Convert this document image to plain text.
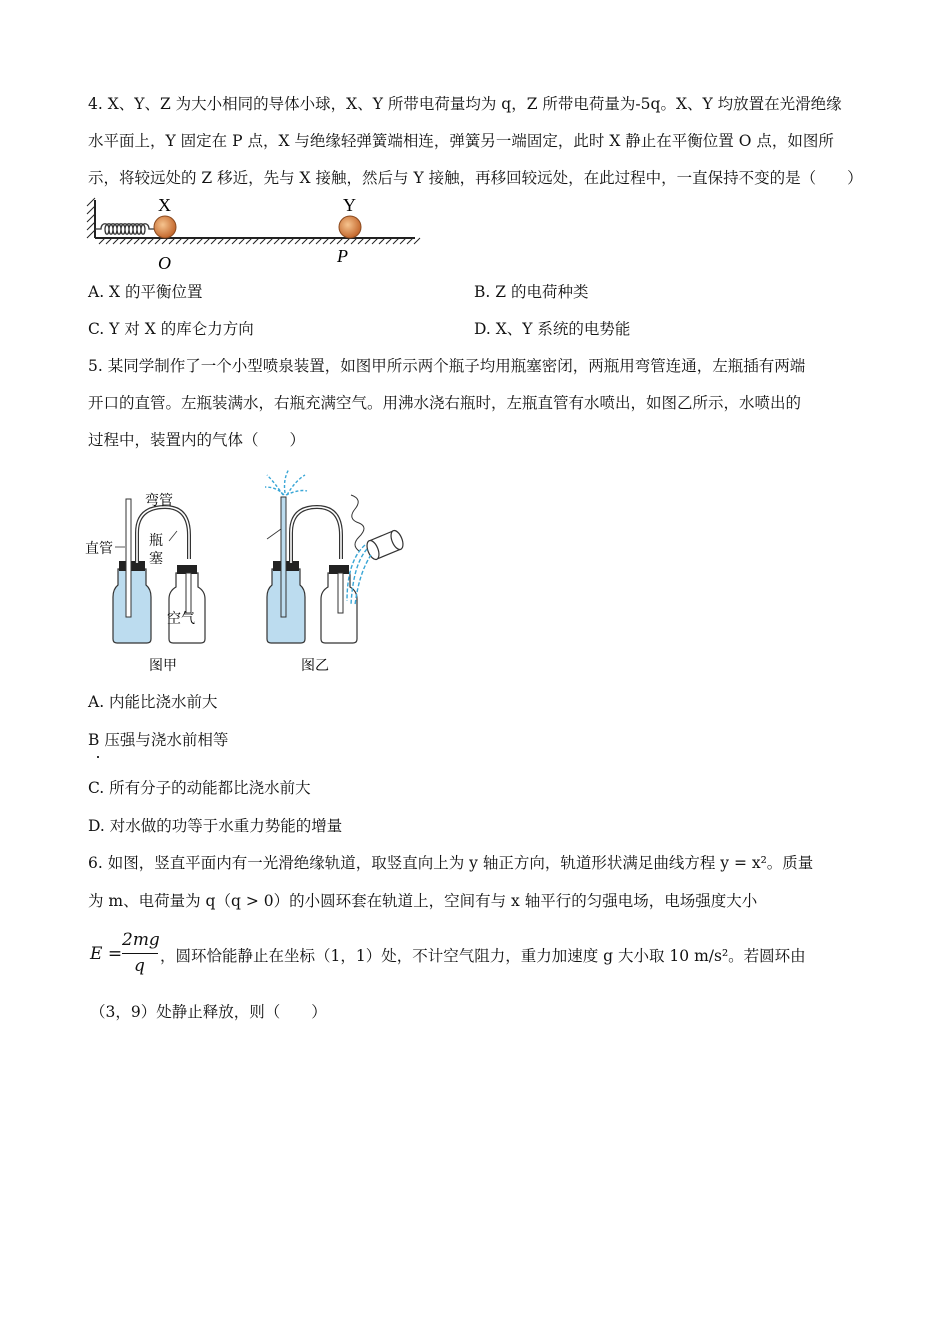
4. X、Y、Z 为大小相同的导体小球，X、Y 所带电荷量均为 q，Z 所带电荷量为-5q。X、Y 均放置在光滑绝缘
水平面上，Y 固定在 P 点，X 与绝缘轻弹簧端相连，弹簧另一端固定，此时 X 静止在平衡位置 O 点，如图所
示，将较远处的 Z 移近，先与 X 接触，然后与 Y 接触，再移回较远处，在此过程中，一直保持不变的是（　　）
X	Y
O	P
A. X 的平衡位置	B. Z 的电荷种类
C. Y 对 X 的库仑力方向	D. X、Y 系统的电势能
5. 某同学制作了一个小型喷泉装置，如图甲所示两个瓶子均用瓶塞密闭，两瓶用弯管连通，左瓶插有两端
开口的直管。左瓶装满水，右瓶充满空气。用沸水浇右瓶时，左瓶直管有水喷出，如图乙所示，水喷出的
过程中，装置内的气体（　　）
弯管
直管
瓶
塞
空气
图甲	图乙
A. 内能比浇水前大
B 压强与浇水前相等
C. 所有分子的动能都比浇水前大
D. 对水做的功等于水重力势能的增量
6. 如图，竖直平面内有一光滑绝缘轨道，取竖直向上为 y 轴正方向，轨道形状满足曲线方程 y = x²。质量
为 m、电荷量为 q（q > 0）的小圆环套在轨道上，空间有与 x 轴平行的匀强电场，电场强度大小
E =
2mg
q ，圆环恰能静止在坐标（1，1）处，不计空气阻力，重力加速度 g 大小取 10 m/s²。若圆环由
（3，9）处静止释放，则（　　）
